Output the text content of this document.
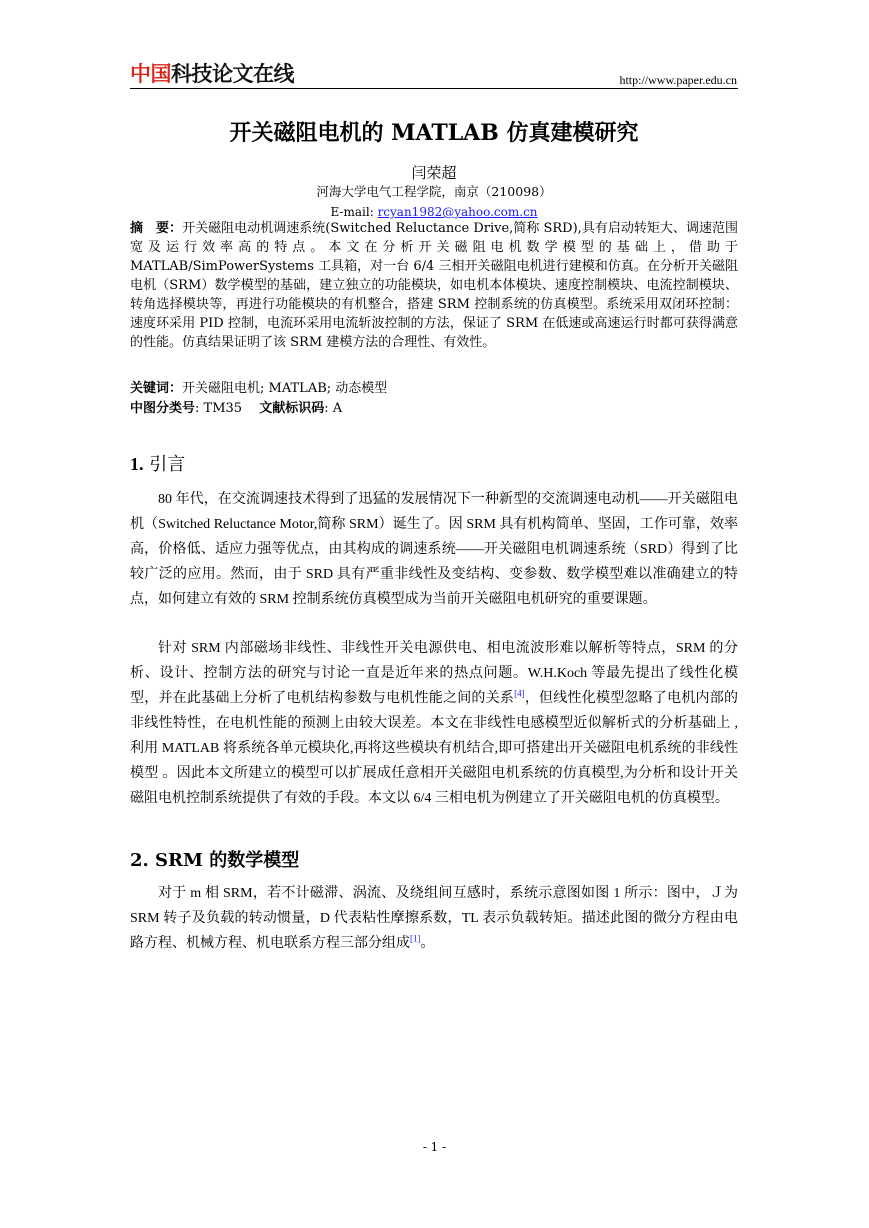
中国科技论文在线	http://www.paper.edu.cn
开关磁阻电机的 MATLAB 仿真建模研究
闫荣超
河海大学电气工程学院，南京（210098）
E-mail: rcyan1982@yahoo.com.cn
摘　要：开关磁阻电动机调速系统(Switched Reluctance Drive,简称 SRD),具有启动转矩大、调速范围宽及运行效率高的特点。本文在分析开关磁阻电机数学模型的基础上，借助于 MATLAB/SimPowerSystems 工具箱，对一台 6/4 三相开关磁阻电机进行建模和仿真。在分析开关磁阻电机（SRM）数学模型的基础，建立独立的功能模块，如电机本体模块、速度控制模块、电流控制模块、转角选择模块等，再进行功能模块的有机整合，搭建 SRM 控制系统的仿真模型。系统采用双闭环控制：速度环采用 PID 控制，电流环采用电流斩波控制的方法，保证了 SRM 在低速或高速运行时都可获得满意的性能。仿真结果证明了该 SRM 建模方法的合理性、有效性。
关键词：开关磁阻电机; MATLAB; 动态模型
中图分类号: TM35　 文献标识码: A
1. 引言
80 年代，在交流调速技术得到了迅猛的发展情况下一种新型的交流调速电动机——开关磁阻电机（Switched Reluctance Motor,简称 SRM）诞生了。因 SRM 具有机构简单、坚固，工作可靠，效率高，价格低、适应力强等优点，由其构成的调速系统——开关磁阻电机调速系统（SRD）得到了比较广泛的应用。然而，由于 SRD 具有严重非线性及变结构、变参数、数学模型难以准确建立的特点，如何建立有效的 SRM 控制系统仿真模型成为当前开关磁阻电机研究的重要课题。
针对 SRM 内部磁场非线性、非线性开关电源供电、相电流波形难以解析等特点，SRM 的分析、设计、控制方法的研究与讨论一直是近年来的热点问题。W.H.Koch 等最先提出了线性化模型，并在此基础上分析了电机结构参数与电机性能之间的关系[4]，但线性化模型忽略了电机内部的非线性特性，在电机性能的预测上由较大误差。本文在非线性电感模型近似解析式的分析基础上 ,利用 MATLAB 将系统各单元模块化,再将这些模块有机结合,即可搭建出开关磁阻电机系统的非线性模型 。因此本文所建立的模型可以扩展成任意相开关磁阻电机系统的仿真模型,为分析和设计开关磁阻电机控制系统提供了有效的手段。本文以 6/4 三相电机为例建立了开关磁阻电机的仿真模型。
2. SRM 的数学模型
对于 m 相 SRM，若不计磁滞、涡流、及绕组间互感时，系统示意图如图 1 所示：图中，Ｊ为 SRM 转子及负载的转动惯量，D 代表粘性摩擦系数，TL 表示负载转矩。描述此图的微分方程由电路方程、机械方程、机电联系方程三部分组成[1]。
- 1 -
